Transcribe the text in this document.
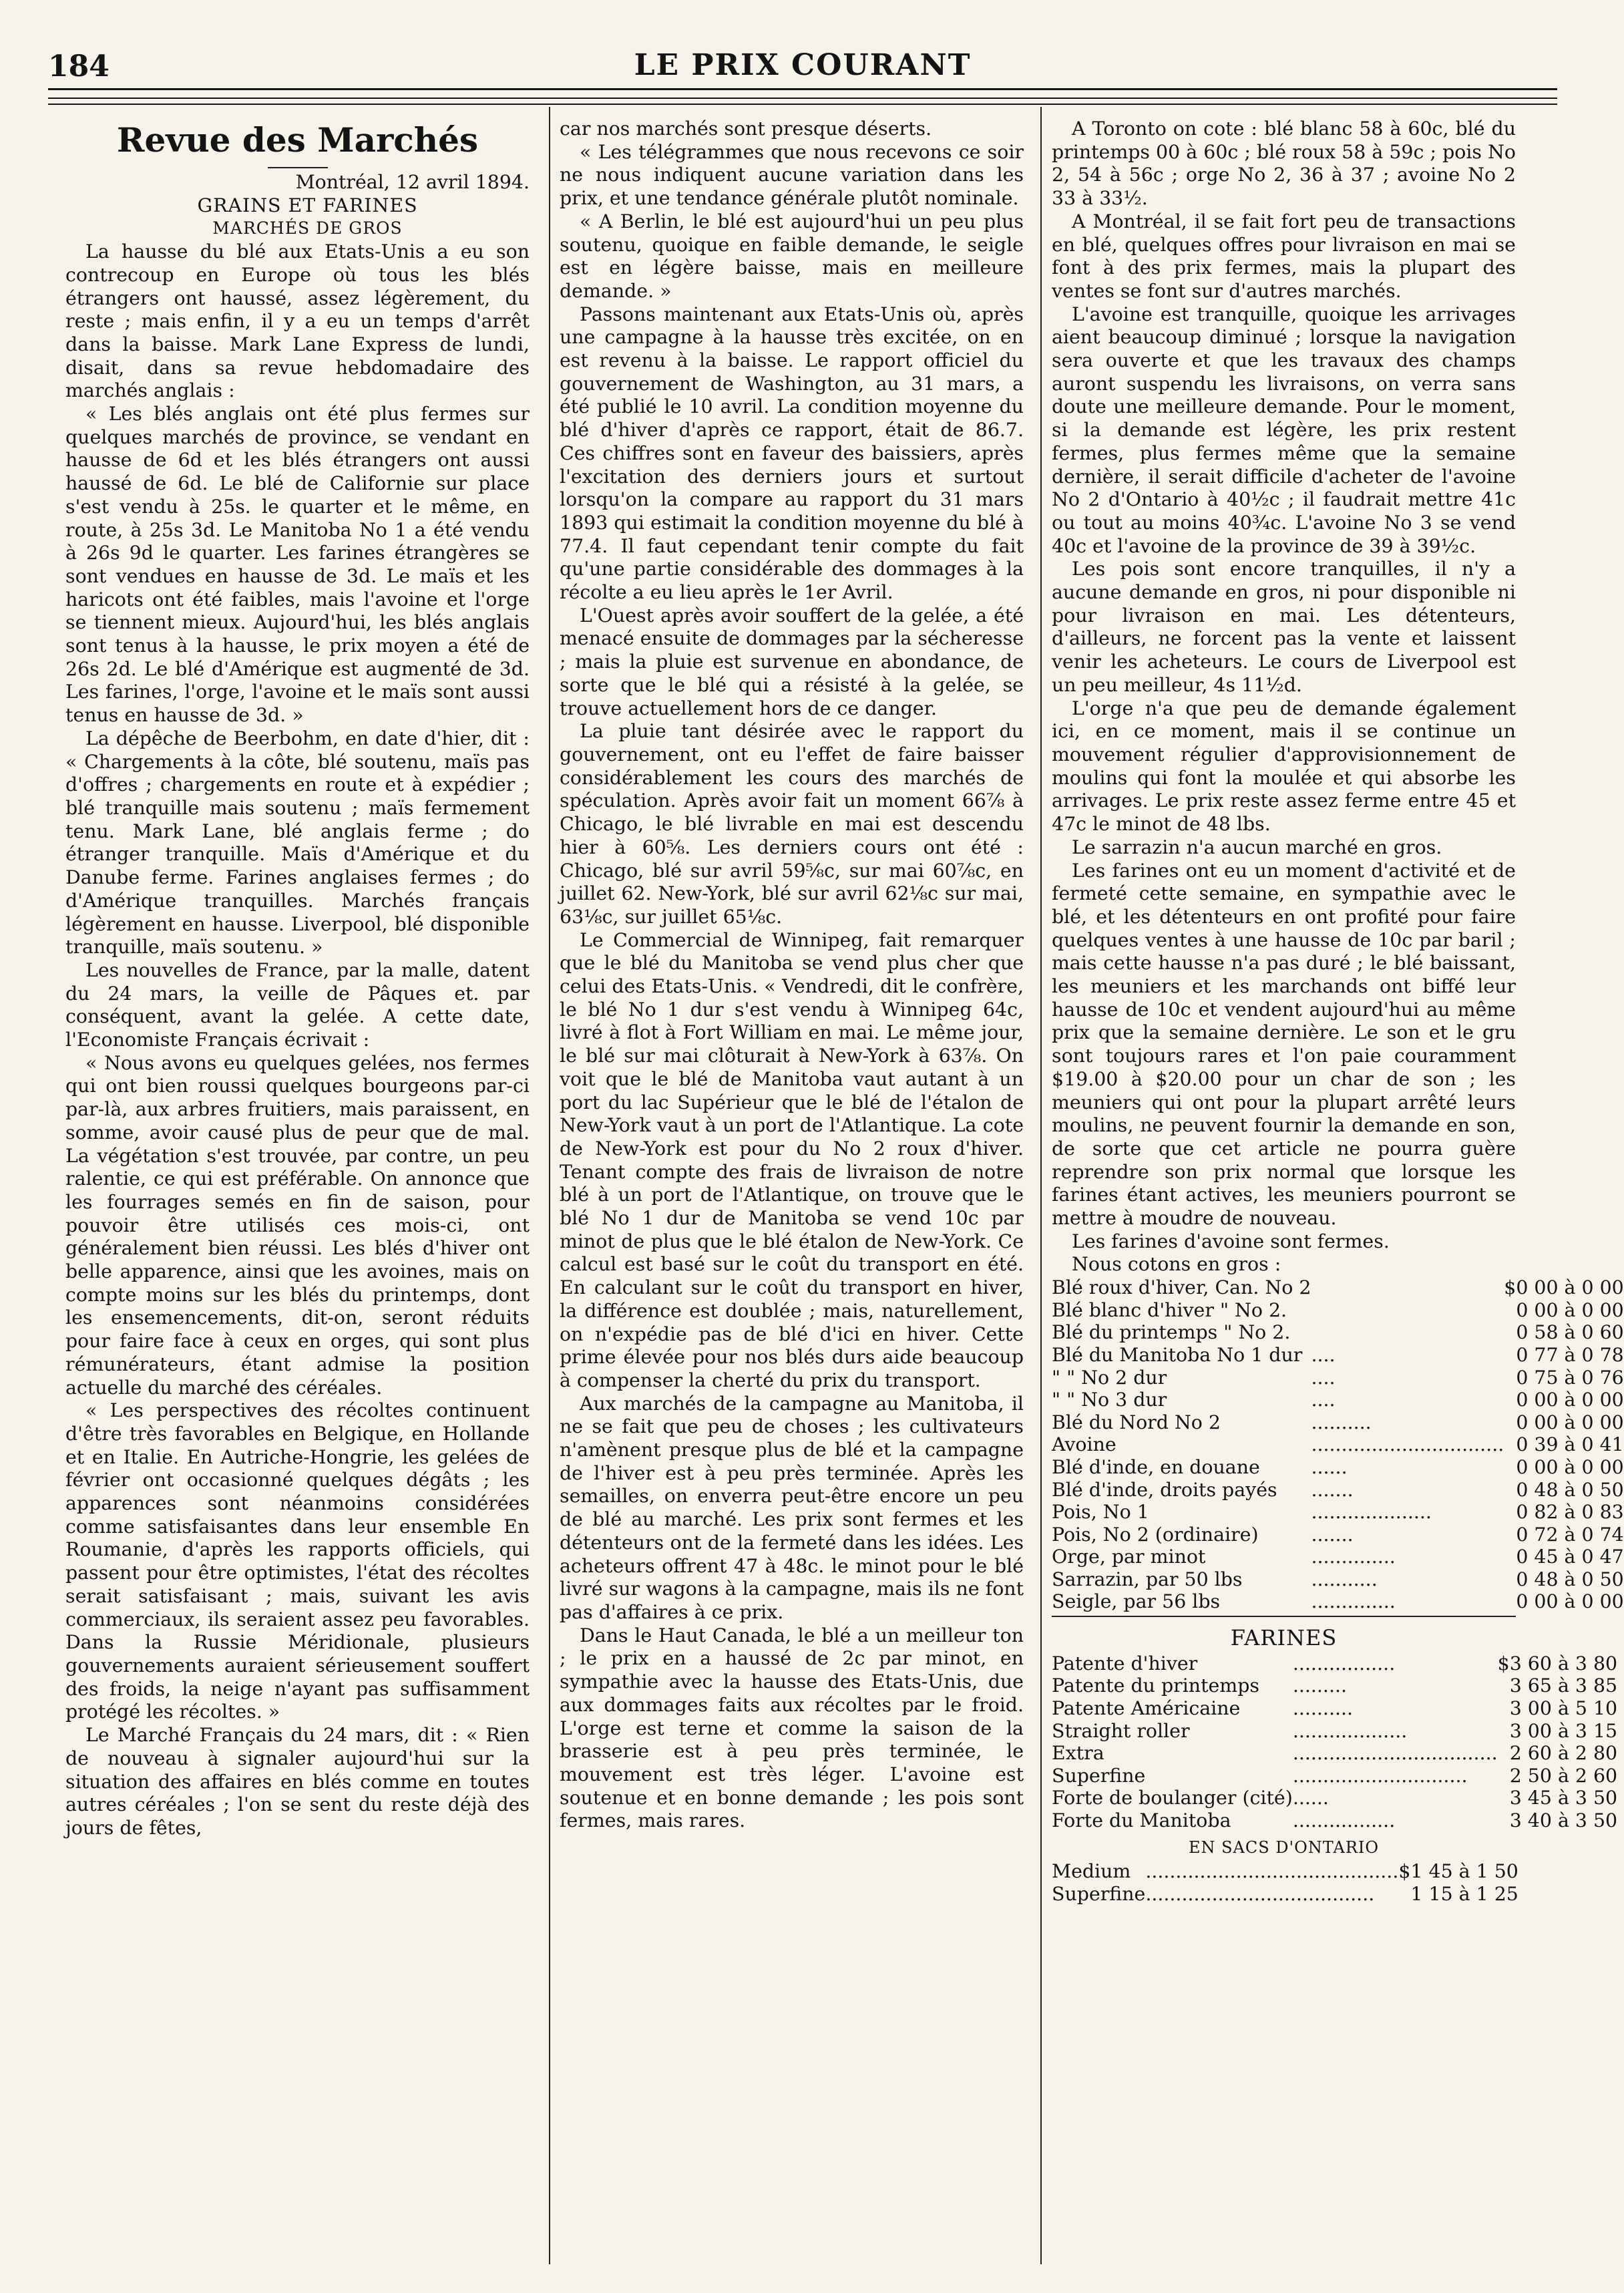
184	LE PRIX COURANT
Revue des Marchés

Montréal, 12 avril 1894.

GRAINS ET FARINES

MARCHÉS DE GROS

La hausse du blé aux Etats-Unis a eu son contrecoup en Europe où tous les blés étrangers ont haussé, assez légèrement, du reste ; mais enfin, il y a eu un temps d'arrêt dans la baisse. Mark Lane Express de lundi, disait, dans sa revue hebdomadaire des marchés anglais :

« Les blés anglais ont été plus fermes sur quelques marchés de province, se vendant en hausse de 6d et les blés étrangers ont aussi haussé de 6d. Le blé de Californie sur place s'est vendu à 25s. le quarter et le même, en route, à 25s 3d. Le Manitoba No 1 a été vendu à 26s 9d le quarter. Les farines étrangères se sont vendues en hausse de 3d. Le maïs et les haricots ont été faibles, mais l'avoine et l'orge se tiennent mieux. Aujourd'hui, les blés anglais sont tenus à la hausse, le prix moyen a été de 26s 2d. Le blé d'Amérique est augmenté de 3d. Les farines, l'orge, l'avoine et le maïs sont aussi tenus en hausse de 3d. »

La dépêche de Beerbohm, en date d'hier, dit : « Chargements à la côte, blé soutenu, maïs pas d'offres ; chargements en route et à expédier ; blé tranquille mais soutenu ; maïs fermement tenu. Mark Lane, blé anglais ferme ; do étranger tranquille. Maïs d'Amérique et du Danube ferme. Farines anglaises fermes ; do d'Amérique tranquilles. Marchés français légèrement en hausse. Liverpool, blé disponible tranquille, maïs soutenu. »

Les nouvelles de France, par la malle, datent du 24 mars, la veille de Pâques et. par conséquent, avant la gelée. A cette date, l'Economiste Français écrivait :

« Nous avons eu quelques gelées, nos fermes qui ont bien roussi quelques bourgeons par-ci par-là, aux arbres fruitiers, mais paraissent, en somme, avoir causé plus de peur que de mal. La végétation s'est trouvée, par contre, un peu ralentie, ce qui est préférable. On annonce que les fourrages semés en fin de saison, pour pouvoir être utilisés ces mois-ci, ont généralement bien réussi. Les blés d'hiver ont belle apparence, ainsi que les avoines, mais on compte moins sur les blés du printemps, dont les ensemencements, dit-on, seront réduits pour faire face à ceux en orges, qui sont plus rémunérateurs, étant admise la position actuelle du marché des céréales.

« Les perspectives des récoltes continuent d'être très favorables en Belgique, en Hollande et en Italie. En Autriche-Hongrie, les gelées de février ont occasionné quelques dégâts ; les apparences sont néanmoins considérées comme satisfaisantes dans leur ensemble En Roumanie, d'après les rapports officiels, qui passent pour être optimistes, l'état des récoltes serait satisfaisant ; mais, suivant les avis commerciaux, ils seraient assez peu favorables. Dans la Russie Méridionale, plusieurs gouvernements auraient sérieusement souffert des froids, la neige n'ayant pas suffisamment protégé les récoltes. »

Le Marché Français du 24 mars, dit : « Rien de nouveau à signaler aujourd'hui sur la situation des affaires en blés comme en toutes autres céréales ; l'on se sent du reste déjà des jours de fêtes,

car nos marchés sont presque déserts.

« Les télégrammes que nous recevons ce soir ne nous indiquent aucune variation dans les prix, et une tendance générale plutôt nominale.

« A Berlin, le blé est aujourd'hui un peu plus soutenu, quoique en faible demande, le seigle est en légère baisse, mais en meilleure demande. »

Passons maintenant aux Etats-Unis où, après une campagne à la hausse très excitée, on en est revenu à la baisse. Le rapport officiel du gouvernement de Washington, au 31 mars, a été publié le 10 avril. La condition moyenne du blé d'hiver d'après ce rapport, était de 86.7. Ces chiffres sont en faveur des baissiers, après l'excitation des derniers jours et surtout lorsqu'on la compare au rapport du 31 mars 1893 qui estimait la condition moyenne du blé à 77.4. Il faut cependant tenir compte du fait qu'une partie considérable des dommages à la récolte a eu lieu après le 1er Avril.

L'Ouest après avoir souffert de la gelée, a été menacé ensuite de dommages par la sécheresse ; mais la pluie est survenue en abondance, de sorte que le blé qui a résisté à la gelée, se trouve actuellement hors de ce danger.

La pluie tant désirée avec le rapport du gouvernement, ont eu l'effet de faire baisser considérablement les cours des marchés de spéculation. Après avoir fait un moment 66⅞ à Chicago, le blé livrable en mai est descendu hier à 60⅝. Les derniers cours ont été : Chicago, blé sur avril 59⅝c, sur mai 60⅞c, en juillet 62. New-York, blé sur avril 62⅛c sur mai, 63⅛c, sur juillet 65⅛c.

Le Commercial de Winnipeg, fait remarquer que le blé du Manitoba se vend plus cher que celui des Etats-Unis. « Vendredi, dit le confrère, le blé No 1 dur s'est vendu à Winnipeg 64c, livré à flot à Fort William en mai. Le même jour, le blé sur mai clôturait à New-York à 63⅞. On voit que le blé de Manitoba vaut autant à un port du lac Supérieur que le blé de l'étalon de New-York vaut à un port de l'Atlantique. La cote de New-York est pour du No 2 roux d'hiver. Tenant compte des frais de livraison de notre blé à un port de l'Atlantique, on trouve que le blé No 1 dur de Manitoba se vend 10c par minot de plus que le blé étalon de New-York. Ce calcul est basé sur le coût du transport en été. En calculant sur le coût du transport en hiver, la différence est doublée ; mais, naturellement, on n'expédie pas de blé d'ici en hiver. Cette prime élevée pour nos blés durs aide beaucoup à compenser la cherté du prix du transport.

Aux marchés de la campagne au Manitoba, il ne se fait que peu de choses ; les cultivateurs n'amènent presque plus de blé et la campagne de l'hiver est à peu près terminée. Après les semailles, on enverra peut-être encore un peu de blé au marché. Les prix sont fermes et les détenteurs ont de la fermeté dans les idées. Les acheteurs offrent 47 à 48c. le minot pour le blé livré sur wagons à la campagne, mais ils ne font pas d'affaires à ce prix.

Dans le Haut Canada, le blé a un meilleur ton ; le prix en a haussé de 2c par minot, en sympathie avec la hausse des Etats-Unis, due aux dommages faits aux récoltes par le froid. L'orge est terne et comme la saison de la brasserie est à peu près terminée, le mouvement est très léger. L'avoine est soutenue et en bonne demande ; les pois sont fermes, mais rares.

A Toronto on cote : blé blanc 58 à 60c, blé du printemps 00 à 60c ; blé roux 58 à 59c ; pois No 2, 54 à 56c ; orge No 2, 36 à 37 ; avoine No 2 33 à 33½.

A Montréal, il se fait fort peu de transactions en blé, quelques offres pour livraison en mai se font à des prix fermes, mais la plupart des ventes se font sur d'autres marchés.

L'avoine est tranquille, quoique les arrivages aient beaucoup diminué ; lorsque la navigation sera ouverte et que les travaux des champs auront suspendu les livraisons, on verra sans doute une meilleure demande. Pour le moment, si la demande est légère, les prix restent fermes, plus fermes même que la semaine dernière, il serait difficile d'acheter de l'avoine No 2 d'Ontario à 40½c ; il faudrait mettre 41c ou tout au moins 40¾c. L'avoine No 3 se vend 40c et l'avoine de la province de 39 à 39½c.

Les pois sont encore tranquilles, il n'y a aucune demande en gros, ni pour disponible ni pour livraison en mai. Les détenteurs, d'ailleurs, ne forcent pas la vente et laissent venir les acheteurs. Le cours de Liverpool est un peu meilleur, 4s 11½d.

L'orge n'a que peu de demande également ici, en ce moment, mais il se continue un mouvement régulier d'approvisionnement de moulins qui font la moulée et qui absorbe les arrivages. Le prix reste assez ferme entre 45 et 47c le minot de 48 lbs.

Le sarrazin n'a aucun marché en gros.

Les farines ont eu un moment d'activité et de fermeté cette semaine, en sympathie avec le blé, et les détenteurs en ont profité pour faire quelques ventes à une hausse de 10c par baril ; mais cette hausse n'a pas duré ; le blé baissant, les meuniers et les marchands ont biffé leur hausse de 10c et vendent aujourd'hui au même prix que la semaine dernière. Le son et le gru sont toujours rares et l'on paie couramment $19.00 à $20.00 pour un char de son ; les meuniers qui ont pour la plupart arrêté leurs moulins, ne peuvent fournir la demande en son, de sorte que cet article ne pourra guère reprendre son prix normal que lorsque les farines étant actives, les meuniers pourront se mettre à moudre de nouveau.

Les farines d'avoine sont fermes.

Nous cotons en gros :

Blé roux d'hiver, Can. No 2		$0 00 à 0 00
Blé blanc d'hiver " No 2.		0 00 à 0 00
Blé du printemps " No 2.		0 58 à 0 60
Blé du Manitoba No 1 dur	....	0 77 à 0 78
" " No 2 dur	....	0 75 à 0 76
" " No 3 dur	....	0 00 à 0 00
Blé du Nord No 2	..........	0 00 à 0 00
Avoine	................................	0 39 à 0 41
Blé d'inde, en douane	......	0 00 à 0 00
Blé d'inde, droits payés	.......	0 48 à 0 50
Pois, No 1	....................	0 82 à 0 83
Pois, No 2 (ordinaire)	.......	0 72 à 0 74
Orge, par minot	..............	0 45 à 0 47
Sarrazin, par 50 lbs	...........	0 48 à 0 50
Seigle, par 56 lbs	..............	0 00 à 0 00
FARINES
Patente d'hiver	.................	$3 60 à 3 80
Patente du printemps	.........	3 65 à 3 85
Patente Américaine	..........	3 00 à 5 10
Straight roller	...................	3 00 à 3 15
Extra	..................................	2 60 à 2 80
Superfine	.............................	2 50 à 2 60
Forte de boulanger (cité)	......	3 45 à 3 50
Forte du Manitoba	.................	3 40 à 3 50
EN SACS D'ONTARIO
Medium	..........................................	$1 45 à 1 50
Superfine	......................................	1 15 à 1 25
